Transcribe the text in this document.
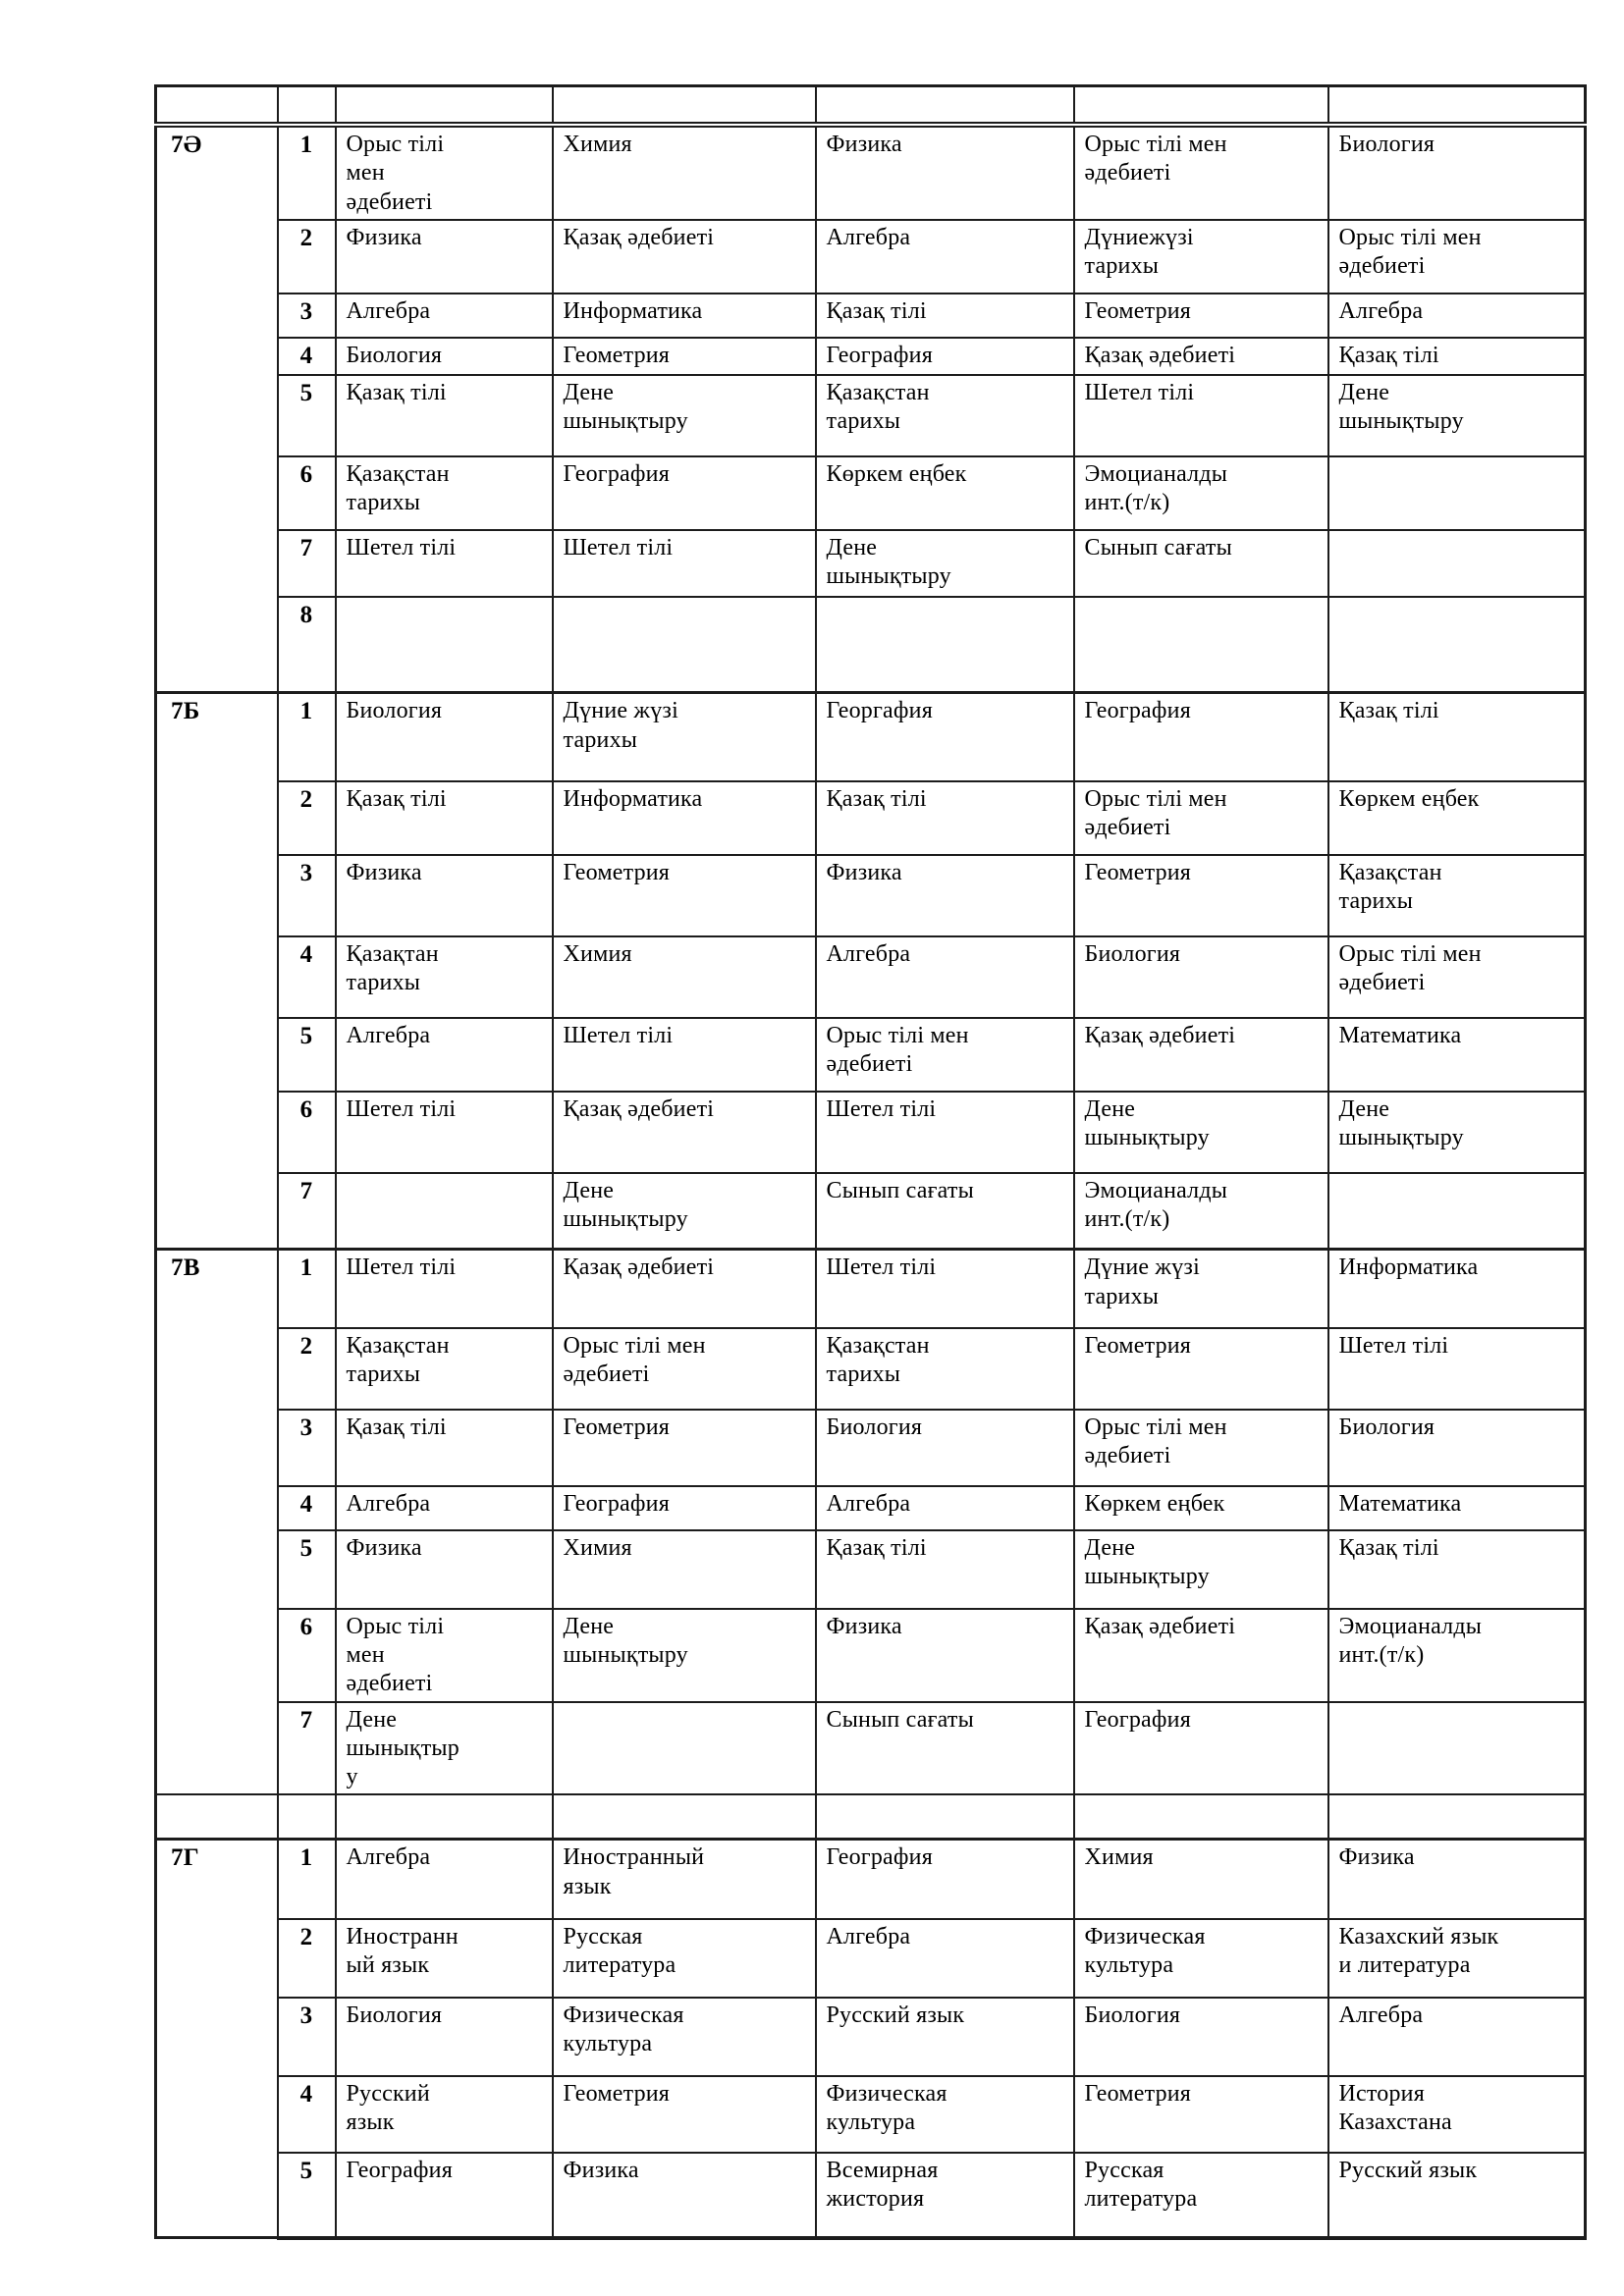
7Ә	1	Орыс тілі мен әдебиеті	Химия	Физика	Орыс тілі мен әдебиеті	Биология
	2	Физика	Қазақ әдебиеті	Алгебра	Дүниежүзі тарихы	Орыс тілі мен әдебиеті
	3	Алгебра	Информатика	Қазақ тілі	Геометрия	Алгебра
	4	Биология	Геометрия	География	Қазақ әдебиеті	Қазақ тілі
	5	Қазақ тілі	Дене шынықтыру	Қазақстан тарихы	Шетел тілі	Дене шынықтыру
	6	Қазақстан тарихы	География	Көркем еңбек	Эмоцианалды инт.(т/к)	
	7	Шетел тілі	Шетел тілі	Дене шынықтыру	Сынып сағаты	
	8					
7Б	1	Биология	Дүние жүзі тарихы	Георгафия	География	Қазақ тілі
	2	Қазақ тілі	Информатика	Қазақ тілі	Орыс тілі мен әдебиеті	Көркем еңбек
	3	Физика	Геометрия	Физика	Геометрия	Қазақстан тарихы
	4	Қазақтан тарихы	Химия	Алгебра	Биология	Орыс тілі мен әдебиеті
	5	Алгебра	Шетел тілі	Орыс тілі мен әдебиеті	Қазақ әдебиеті	Математика
	6	Шетел тілі	Қазақ әдебиеті	Шетел тілі	Дене шынықтыру	Дене шынықтыру
	7		Дене шынықтыру	Сынып сағаты	Эмоцианалды инт.(т/к)	
7В	1	Шетел тілі	Қазақ әдебиеті	Шетел тілі	Дүние жүзі тарихы	Информатика
	2	Қазақстан тарихы	Орыс тілі мен әдебиеті	Қазақстан тарихы	Геометрия	Шетел тілі
	3	Қазақ тілі	Геометрия	Биология	Орыс тілі мен әдебиеті	Биология
	4	Алгебра	География	Алгебра	Көркем еңбек	Математика
	5	Физика	Химия	Қазақ тілі	Дене шынықтыру	Қазақ тілі
	6	Орыс тілі мен әдебиеті	Дене шынықтыру	Физика	Қазақ әдебиеті	Эмоцианалды инт.(т/к)
	7	Дене шынықтыру		Сынып сағаты	География	

7Г	1	Алгебра	Иностранный язык	География	Химия	Физика
	2	Иностранный язык	Русская литература	Алгебра	Физическая культура	Казахский язык и литература
	3	Биология	Физическая культура	Русский язык	Биология	Алгебра
	4	Русский язык	Геометрия	Физическая культура	Геометрия	История Казахстана
	5	География	Физика	Всемирная жистория	Русская литература	Русский язык
